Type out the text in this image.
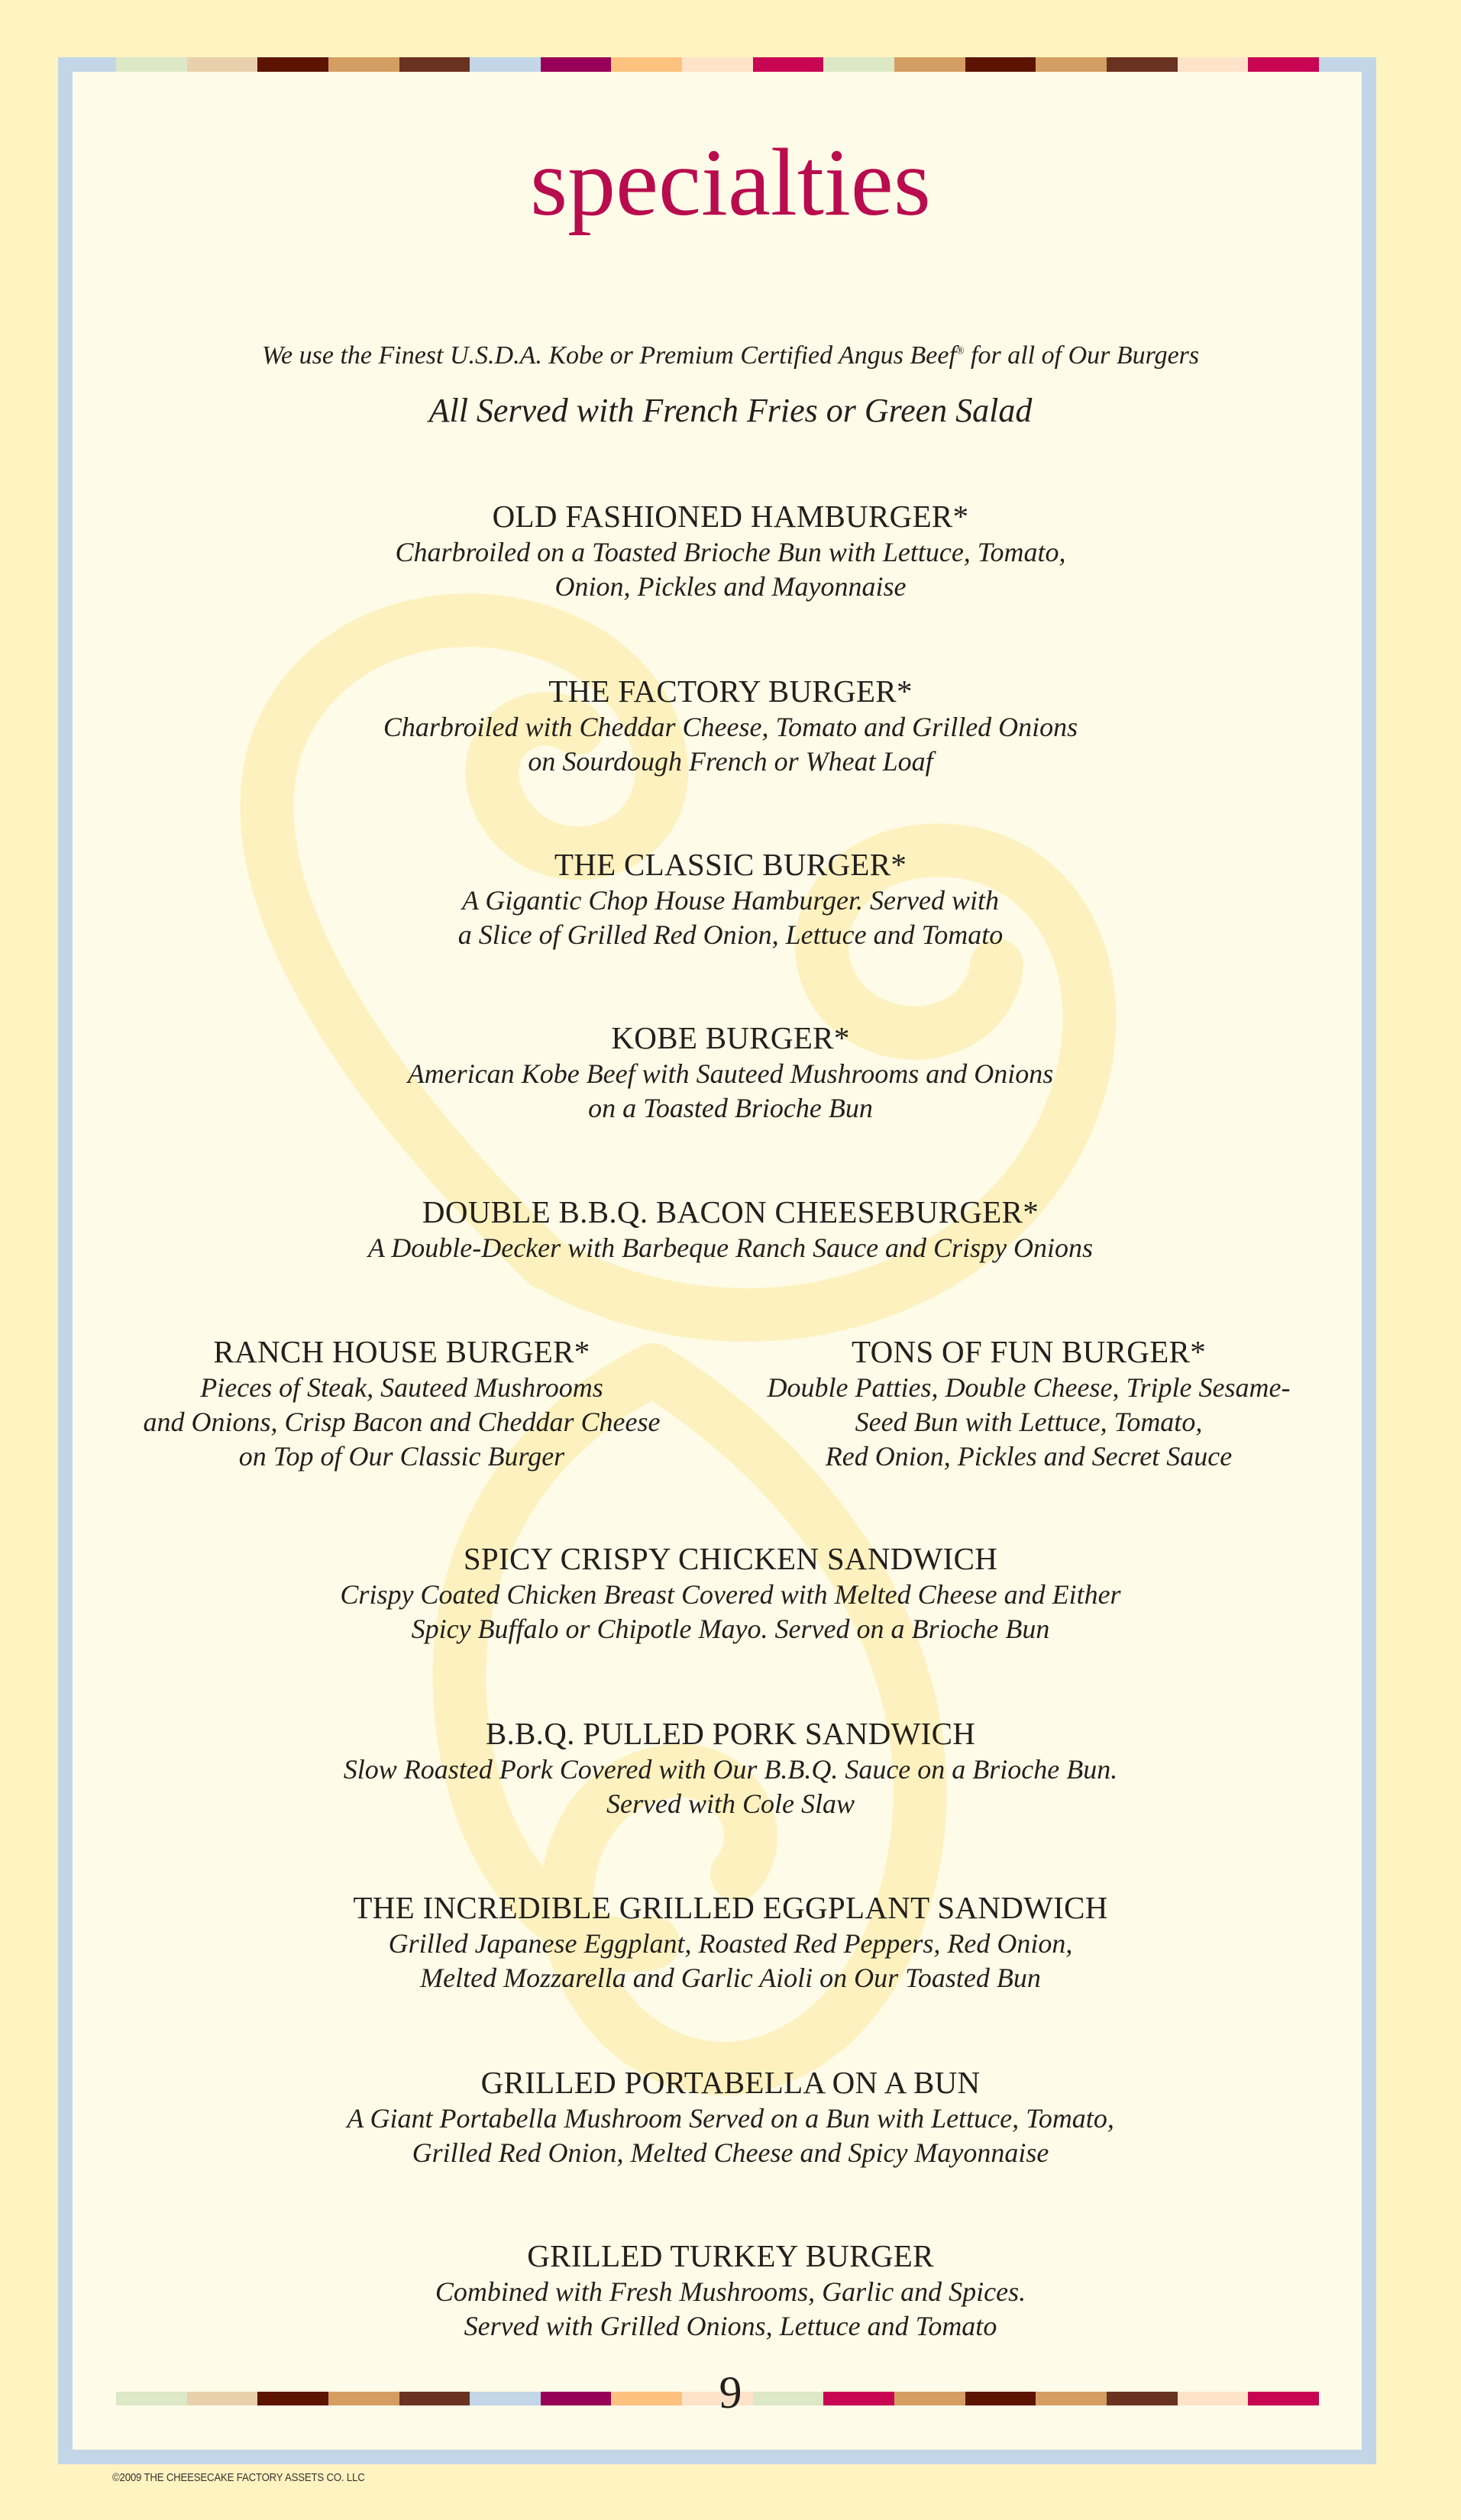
specialties
We use the Finest U.S.D.A. Kobe or Premium Certified Angus Beef® for all of Our Burgers
All Served with French Fries or Green Salad
OLD FASHIONED HAMBURGER*
Charbroiled on a Toasted Brioche Bun with Lettuce, Tomato,
Onion, Pickles and Mayonnaise
THE FACTORY BURGER*
Charbroiled with Cheddar Cheese, Tomato and Grilled Onions
on Sourdough French or Wheat Loaf
THE CLASSIC BURGER*
A Gigantic Chop House Hamburger. Served with
a Slice of Grilled Red Onion, Lettuce and Tomato
KOBE BURGER*
American Kobe Beef with Sauteed Mushrooms and Onions
on a Toasted Brioche Bun
DOUBLE B.B.Q. BACON CHEESEBURGER*
A Double-Decker with Barbeque Ranch Sauce and Crispy Onions
RANCH HOUSE BURGER*
Pieces of Steak, Sauteed Mushrooms
and Onions, Crisp Bacon and Cheddar Cheese
on Top of Our Classic Burger
TONS OF FUN BURGER*
Double Patties, Double Cheese, Triple Sesame-
Seed Bun with Lettuce, Tomato,
Red Onion, Pickles and Secret Sauce
SPICY CRISPY CHICKEN SANDWICH
Crispy Coated Chicken Breast Covered with Melted Cheese and Either
Spicy Buffalo or Chipotle Mayo. Served on a Brioche Bun
B.B.Q. PULLED PORK SANDWICH
Slow Roasted Pork Covered with Our B.B.Q. Sauce on a Brioche Bun.
Served with Cole Slaw
THE INCREDIBLE GRILLED EGGPLANT SANDWICH
Grilled Japanese Eggplant, Roasted Red Peppers, Red Onion,
Melted Mozzarella and Garlic Aioli on Our Toasted Bun
GRILLED PORTABELLA ON A BUN
A Giant Portabella Mushroom Served on a Bun with Lettuce, Tomato,
Grilled Red Onion, Melted Cheese and Spicy Mayonnaise
GRILLED TURKEY BURGER
Combined with Fresh Mushrooms, Garlic and Spices.
Served with Grilled Onions, Lettuce and Tomato
9
©2009 THE CHEESECAKE FACTORY ASSETS CO. LLC
